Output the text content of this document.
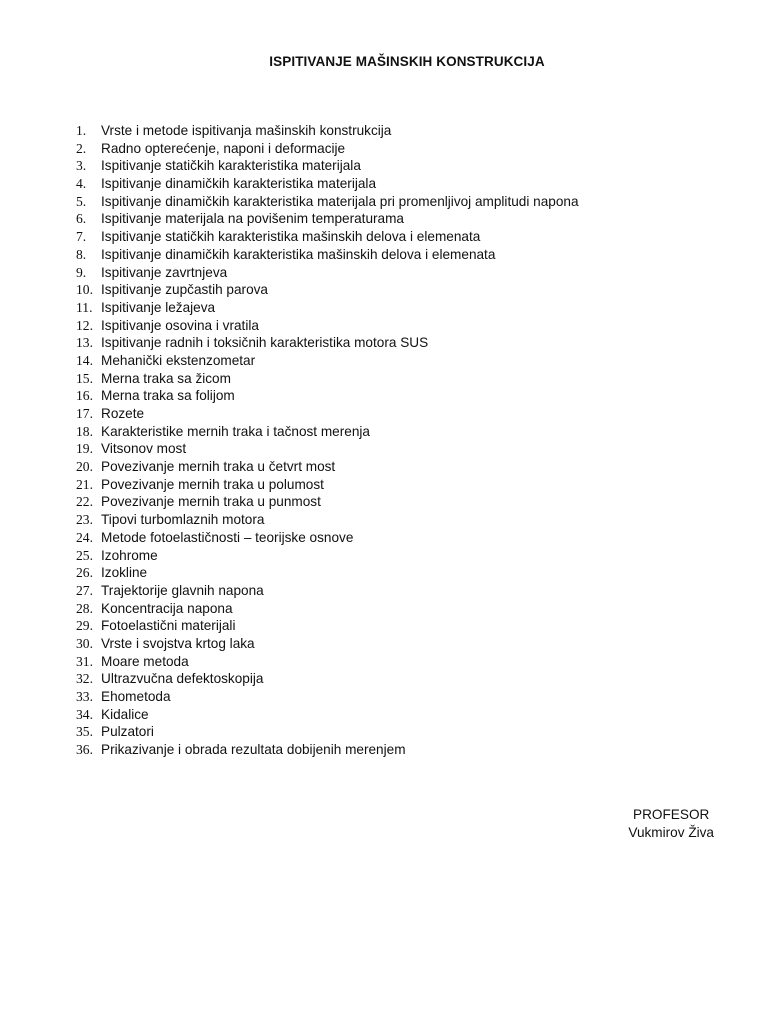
ISPITIVANJE MAŠINSKIH KONSTRUKCIJA
1.	Vrste i metode ispitivanja mašinskih konstrukcija
2.	Radno opterećenje, naponi i deformacije
3.	Ispitivanje statičkih karakteristika materijala
4.	Ispitivanje dinamičkih karakteristika materijala
5.	Ispitivanje dinamičkih karakteristika materijala pri promenljivoj amplitudi napona
6.	Ispitivanje materijala na povišenim temperaturama
7.	Ispitivanje statičkih karakteristika mašinskih delova i elemenata
8.	Ispitivanje dinamičkih karakteristika mašinskih delova i elemenata
9.	Ispitivanje zavrtnjeva
10. Ispitivanje zupčastih parova
11. Ispitivanje ležajeva
12. Ispitivanje osovina i vratila
13. Ispitivanje radnih i toksičnih karakteristika motora SUS
14. Mehanički ekstenzometar
15. Merna traka sa žicom
16. Merna traka sa folijom
17. Rozete
18. Karakteristike mernih traka i tačnost merenja
19. Vitsonov most
20. Povezivanje mernih traka u četvrt most
21. Povezivanje mernih traka u polumost
22. Povezivanje mernih traka u punmost
23. Tipovi turbomlaznih motora
24. Metode fotoelastičnosti – teorijske osnove
25. Izohrome
26. Izokline
27. Trajektorije glavnih napona
28. Koncentracija napona
29. Fotoelastični materijali
30. Vrste i svojstva krtog laka
31. Moare metoda
32. Ultrazvučna defektoskopija
33. Ehometoda
34. Kidalice
35. Pulzatori
36. Prikazivanje i obrada rezultata dobijenih merenjem
PROFESOR
Vukmirov Živa
